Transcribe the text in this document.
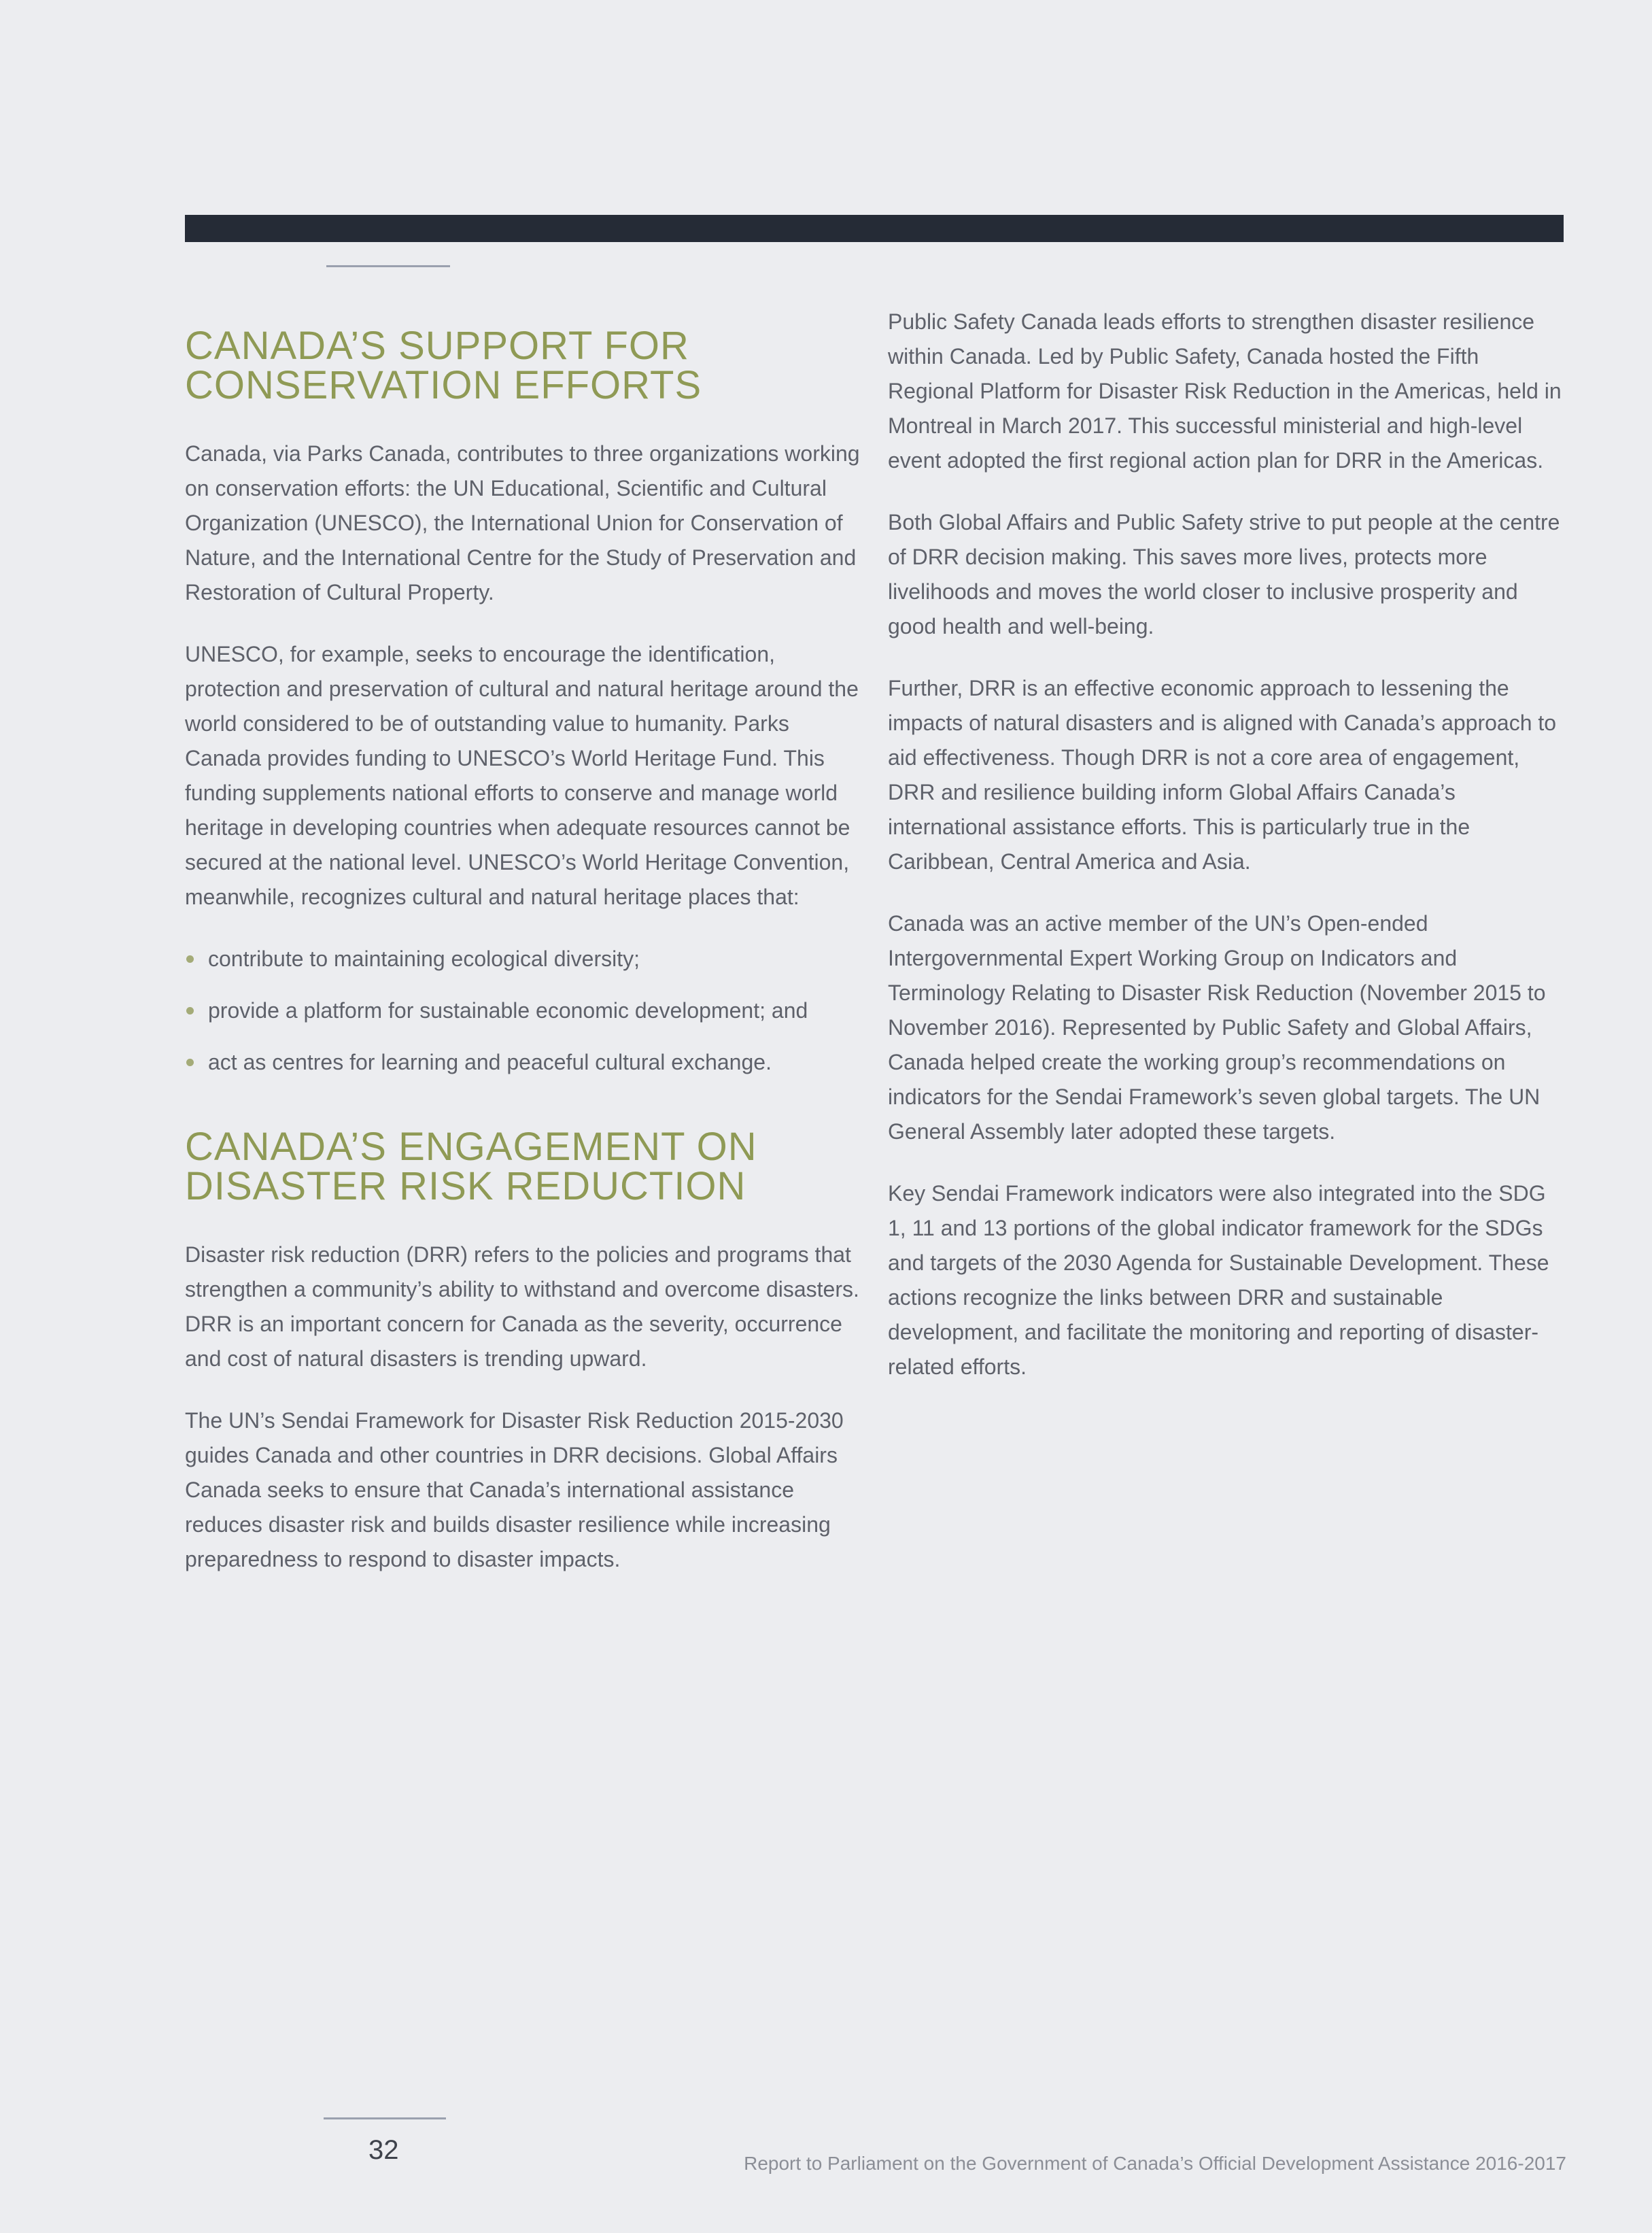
CANADA’S SUPPORT FOR
CONSERVATION EFFORTS

Canada, via Parks Canada, contributes to three organizations working on conservation efforts: the UN Educational, Scientific and Cultural Organization (UNESCO), the International Union for Conservation of Nature, and the International Centre for the Study of Preservation and Restoration of Cultural Property.

UNESCO, for example, seeks to encourage the identification, protection and preservation of cultural and natural heritage around the world considered to be of outstanding value to humanity. Parks Canada provides funding to UNESCO’s World Heritage Fund. This funding supplements national efforts to conserve and manage world heritage in developing countries when adequate resources cannot be secured at the national level. UNESCO’s World Heritage Convention, meanwhile, recognizes cultural and natural heritage places that:

contribute to maintaining ecological diversity;
provide a platform for sustainable economic development; and
act as centres for learning and peaceful cultural exchange.
CANADA’S ENGAGEMENT ON
DISASTER RISK REDUCTION

Disaster risk reduction (DRR) refers to the policies and programs that strengthen a community’s ability to withstand and overcome disasters. DRR is an important concern for Canada as the severity, occurrence and cost of natural disasters is trending upward.

The UN’s Sendai Framework for Disaster Risk Reduction 2015-2030 guides Canada and other countries in DRR decisions. Global Affairs Canada seeks to ensure that Canada’s international assistance reduces disaster risk and builds disaster resilience while increasing preparedness to respond to disaster impacts.

Public Safety Canada leads efforts to strengthen disaster resilience within Canada. Led by Public Safety, Canada hosted the Fifth Regional Platform for Disaster Risk Reduction in the Americas, held in Montreal in March 2017. This successful ministerial and high-level event adopted the first regional action plan for DRR in the Americas.

Both Global Affairs and Public Safety strive to put people at the centre of DRR decision making. This saves more lives, protects more livelihoods and moves the world closer to inclusive prosperity and good health and well-being.

Further, DRR is an effective economic approach to lessening the impacts of natural disasters and is aligned with Canada’s approach to aid effectiveness. Though DRR is not a core area of engagement, DRR and resilience building inform Global Affairs Canada’s international assistance efforts. This is particularly true in the Caribbean, Central America and Asia.

Canada was an active member of the UN’s Open-ended Intergovernmental Expert Working Group on Indicators and Terminology Relating to Disaster Risk Reduction (November 2015 to November 2016). Represented by Public Safety and Global Affairs, Canada helped create the working group’s recommendations on indicators for the Sendai Framework’s seven global targets. The UN General Assembly later adopted these targets.

Key Sendai Framework indicators were also integrated into the SDG 1, 11 and 13 portions of the global indicator framework for the SDGs and targets of the 2030 Agenda for Sustainable Development. These actions recognize the links between DRR and sustainable development, and facilitate the monitoring and reporting of disaster-related efforts.

32	Report to Parliament on the Government of Canada’s Official Development Assistance 2016-2017
